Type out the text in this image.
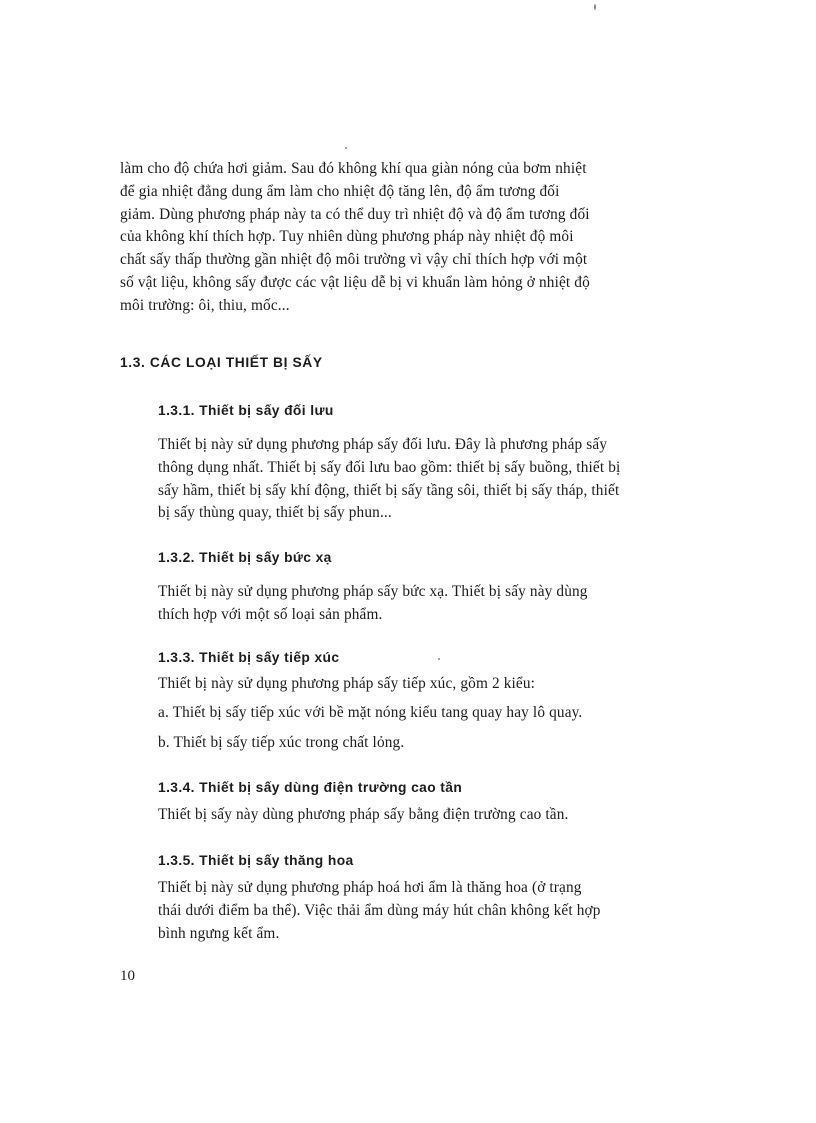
làm cho độ chứa hơi giảm. Sau đó không khí qua giàn nóng của bơm nhiệt
để gia nhiệt đẳng dung ẩm làm cho nhiệt độ tăng lên, độ ẩm tương đối
giảm. Dùng phương pháp này ta có thể duy trì nhiệt độ và độ ẩm tương đối
của không khí thích hợp. Tuy nhiên dùng phương pháp này nhiệt độ môi
chất sấy thấp thường gần nhiệt độ môi trường vì vậy chỉ thích hợp với một
số vật liệu, không sấy được các vật liệu dễ bị vi khuẩn làm hỏng ở nhiệt độ
môi trường: ôi, thiu, mốc...
1.3. CÁC LOẠI THIẾT BỊ SẤY
1.3.1. Thiết bị sấy đối lưu
Thiết bị này sử dụng phương pháp sấy đối lưu. Đây là phương pháp sấy
thông dụng nhất. Thiết bị sấy đối lưu bao gồm: thiết bị sấy buồng, thiết bị
sấy hầm, thiết bị sấy khí động, thiết bị sấy tầng sôi, thiết bị sấy tháp, thiết
bị sấy thùng quay, thiết bị sấy phun...
1.3.2. Thiết bị sấy bức xạ
Thiết bị này sử dụng phương pháp sấy bức xạ. Thiết bị sấy này dùng
thích hợp với một số loại sản phẩm.
1.3.3. Thiết bị sấy tiếp xúc

Thiết bị này sử dụng phương pháp sấy tiếp xúc, gồm 2 kiểu:

a. Thiết bị sấy tiếp xúc với bề mặt nóng kiểu tang quay hay lô quay.

b. Thiết bị sấy tiếp xúc trong chất lỏng.

1.3.4. Thiết bị sấy dùng điện trường cao tần

Thiết bị sấy này dùng phương pháp sấy bằng điện trường cao tần.

1.3.5. Thiết bị sấy thăng hoa
Thiết bị này sử dụng phương pháp hoá hơi ẩm là thăng hoa (ở trạng
thái dưới điểm ba thể). Việc thải ẩm dùng máy hút chân không kết hợp
bình ngưng kết ẩm.

10
